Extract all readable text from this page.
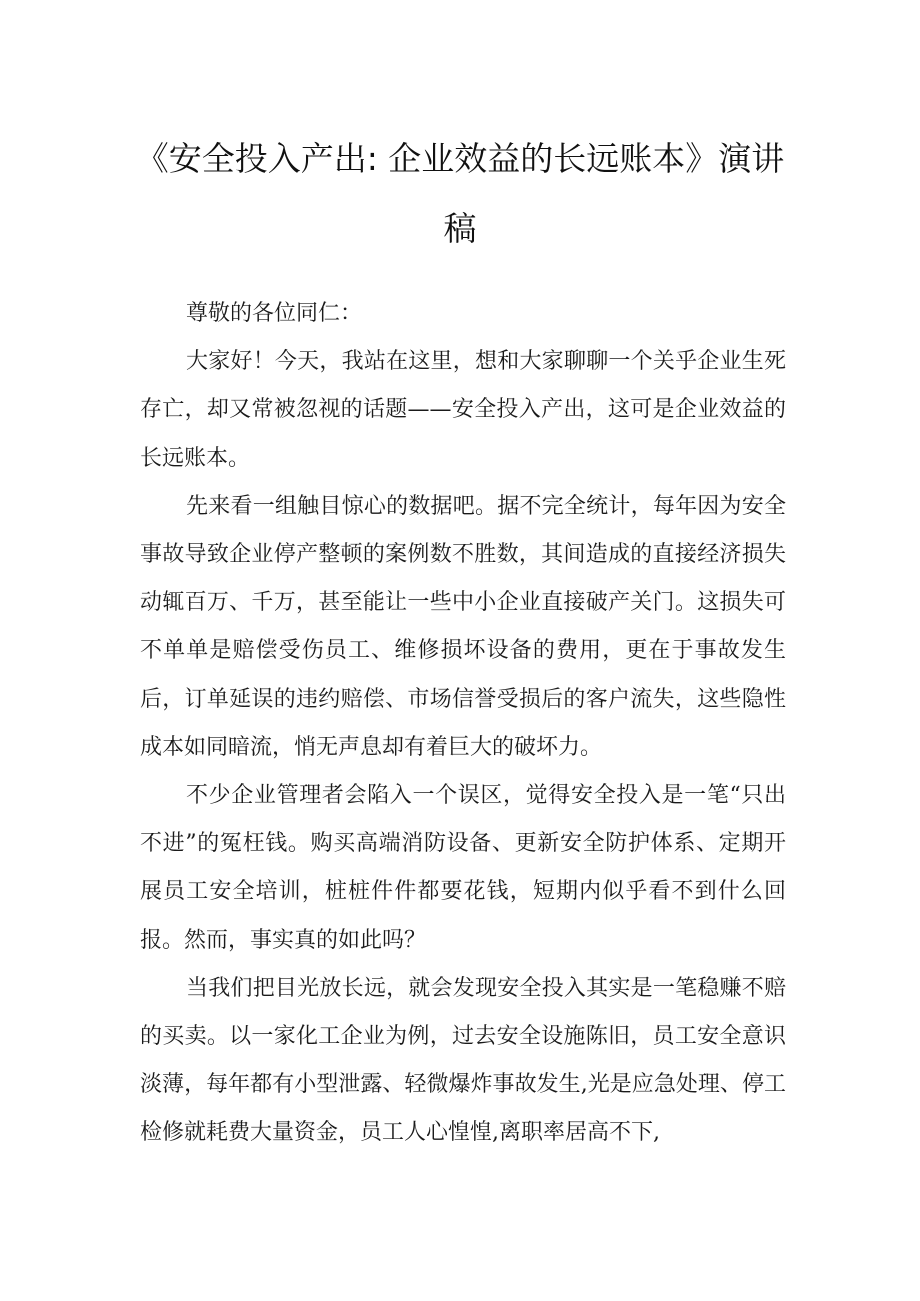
《安全投入产出: 企业效益的长远账本》演讲稿

尊敬的各位同仁：

大家好！今天，我站在这里，想和大家聊聊一个关乎企业生死存亡，却又常被忽视的话题——安全投入产出，这可是企业效益的长远账本。

先来看一组触目惊心的数据吧。据不完全统计，每年因为安全事故导致企业停产整顿的案例数不胜数，其间造成的直接经济损失动辄百万、千万，甚至能让一些中小企业直接破产关门。这损失可不单单是赔偿受伤员工、维修损坏设备的费用，更在于事故发生后，订单延误的违约赔偿、市场信誉受损后的客户流失，这些隐性成本如同暗流，悄无声息却有着巨大的破坏力。

不少企业管理者会陷入一个误区，觉得安全投入是一笔“只出不进”的冤枉钱。购买高端消防设备、更新安全防护体系、定期开展员工安全培训，桩桩件件都要花钱，短期内似乎看不到什么回报。然而，事实真的如此吗？

当我们把目光放长远，就会发现安全投入其实是一笔稳赚不赔的买卖。以一家化工企业为例，过去安全设施陈旧，员工安全意识淡薄，每年都有小型泄露、轻微爆炸事故发生,光是应急处理、停工检修就耗费大量资金，员工人心惶惶,离职率居高不下,
